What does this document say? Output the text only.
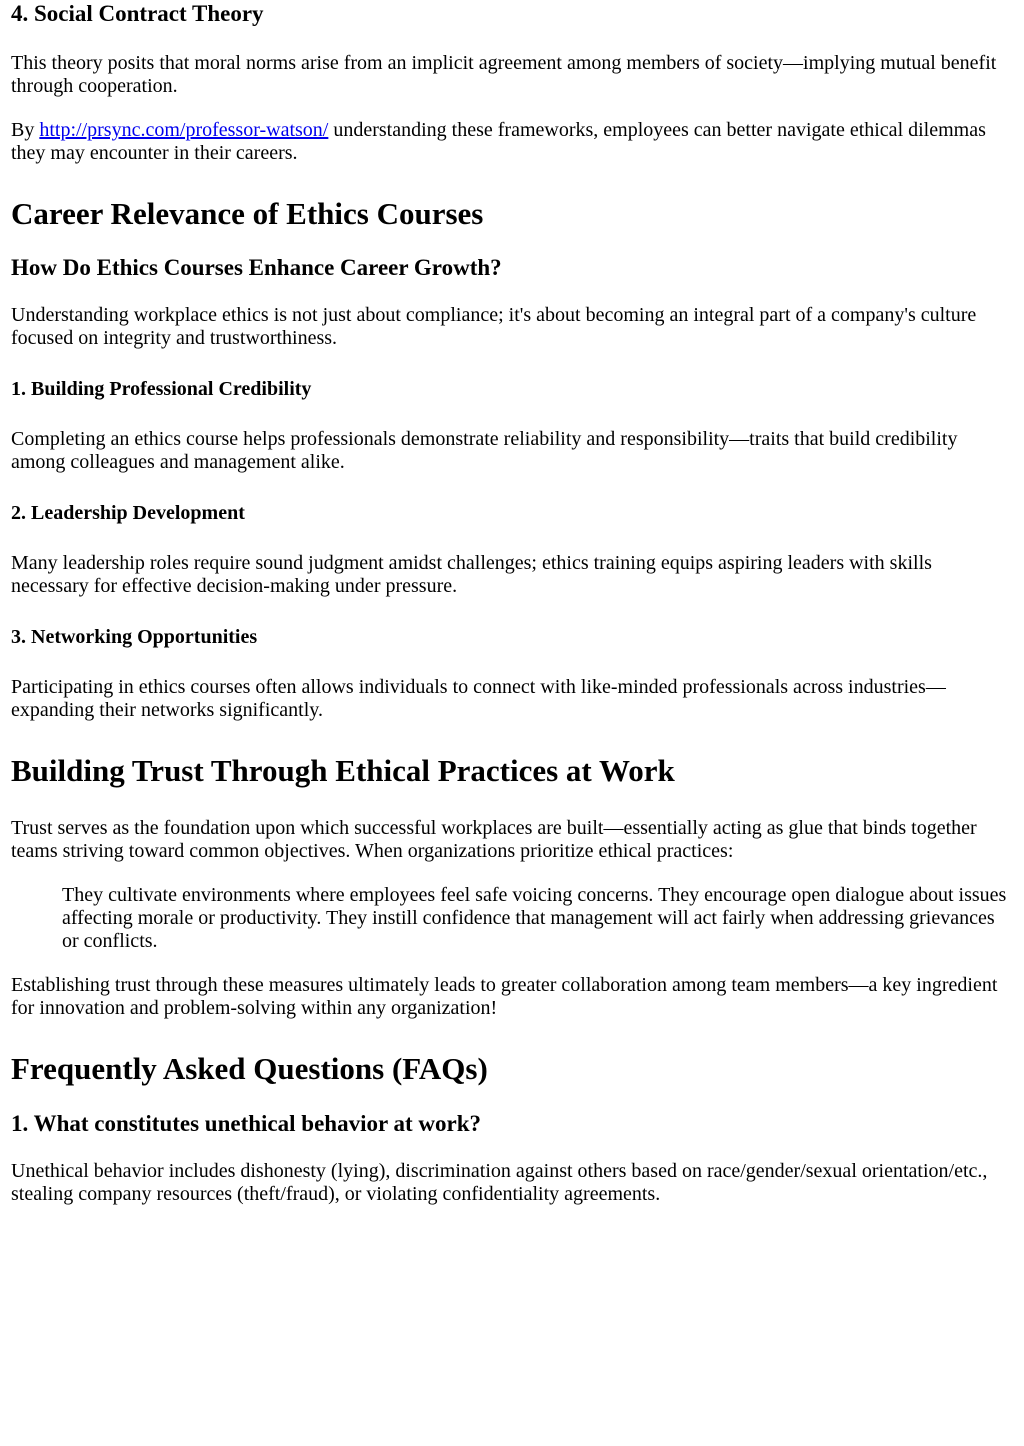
4. Social Contract Theory

This theory posits that moral norms arise from an implicit agreement among members of society—implying mutual benefit through cooperation.

By http://prsync.com/professor-watson/ understanding these frameworks, employees can better navigate ethical dilemmas they may encounter in their careers.

Career Relevance of Ethics Courses
How Do Ethics Courses Enhance Career Growth?

Understanding workplace ethics is not just about compliance; it's about becoming an integral part of a company's culture focused on integrity and trustworthiness.

1. Building Professional Credibility

Completing an ethics course helps professionals demonstrate reliability and responsibility—traits that build credibility among colleagues and management alike.

2. Leadership Development

Many leadership roles require sound judgment amidst challenges; ethics training equips aspiring leaders with skills necessary for effective decision-making under pressure.

3. Networking Opportunities

Participating in ethics courses often allows individuals to connect with like-minded professionals across industries—expanding their networks significantly.

Building Trust Through Ethical Practices at Work

Trust serves as the foundation upon which successful workplaces are built—essentially acting as glue that binds together teams striving toward common objectives. When organizations prioritize ethical practices:

They cultivate environments where employees feel safe voicing concerns. They encourage open dialogue about issues affecting morale or productivity. They instill confidence that management will act fairly when addressing grievances or conflicts.

Establishing trust through these measures ultimately leads to greater collaboration among team members—a key ingredient for innovation and problem-solving within any organization!

Frequently Asked Questions (FAQs)
1. What constitutes unethical behavior at work?

Unethical behavior includes dishonesty (lying), discrimination against others based on race/gender/sexual orientation/etc., stealing company resources (theft/fraud), or violating confidentiality agreements.
